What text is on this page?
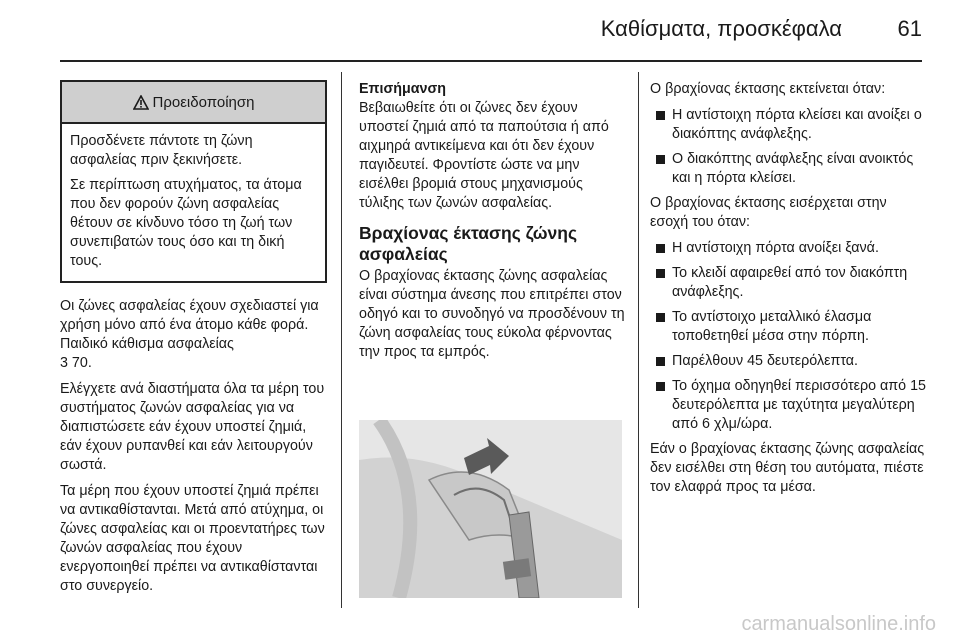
Καθίσματα, προσκέφαλα	61
Προειδοποίηση

Προσδένετε πάντοτε τη ζώνη ασφαλείας πριν ξεκινήσετε.

Σε περίπτωση ατυχήματος, τα άτομα που δεν φορούν ζώνη ασφαλείας θέτουν σε κίνδυνο τόσο τη ζωή των συνεπιβατών τους όσο και τη δική τους.

Οι ζώνες ασφαλείας έχουν σχεδιαστεί για χρήση μόνο από ένα άτομο κάθε φορά. Παιδικό κάθισμα ασφαλείας
3 70.

Ελέγχετε ανά διαστήματα όλα τα μέρη του συστήματος ζωνών ασφαλείας για να διαπιστώσετε εάν έχουν υποστεί ζημιά, εάν έχουν ρυπανθεί και εάν λειτουργούν σωστά.

Τα μέρη που έχουν υποστεί ζημιά πρέπει να αντικαθίστανται. Μετά από ατύχημα, οι ζώνες ασφαλείας και οι προεντατήρες των ζωνών ασφαλείας που έχουν ενεργοποιηθεί πρέπει να αντικαθίστανται στο συνεργείο.

Επισήμανση

Βεβαιωθείτε ότι οι ζώνες δεν έχουν υποστεί ζημιά από τα παπούτσια ή από αιχμηρά αντικείμενα και ότι δεν έχουν παγιδευτεί. Φροντίστε ώστε να μην εισέλθει βρομιά στους μηχανισμούς τύλιξης των ζωνών ασφαλείας.

Βραχίονας έκτασης ζώνης ασφαλείας

Ο βραχίονας έκτασης ζώνης ασφαλείας είναι σύστημα άνεσης που επιτρέπει στον οδηγό και το συνοδηγό να προσδένουν τη ζώνη ασφαλείας τους εύκολα φέρνοντας την προς τα εμπρός.

Ο βραχίονας έκτασης εκτείνεται όταν:

Η αντίστοιχη πόρτα κλείσει και ανοίξει ο διακόπτης ανάφλεξης.
Ο διακόπτης ανάφλεξης είναι ανοικτός και η πόρτα κλείσει.

Ο βραχίονας έκτασης εισέρχεται στην εσοχή του όταν:

Η αντίστοιχη πόρτα ανοίξει ξανά.
Το κλειδί αφαιρεθεί από τον διακόπτη ανάφλεξης.
Το αντίστοιχο μεταλλικό έλασμα τοποθετηθεί μέσα στην πόρπη.
Παρέλθουν 45 δευτερόλεπτα.
Το όχημα οδηγηθεί περισσότερο από 15 δευτερόλεπτα με ταχύτητα μεγαλύτερη από 6 χλμ/ώρα.

Εάν ο βραχίονας έκτασης ζώνης ασφαλείας δεν εισέλθει στη θέση του αυτόματα, πιέστε τον ελαφρά προς τα μέσα.

carmanualsonline.info
